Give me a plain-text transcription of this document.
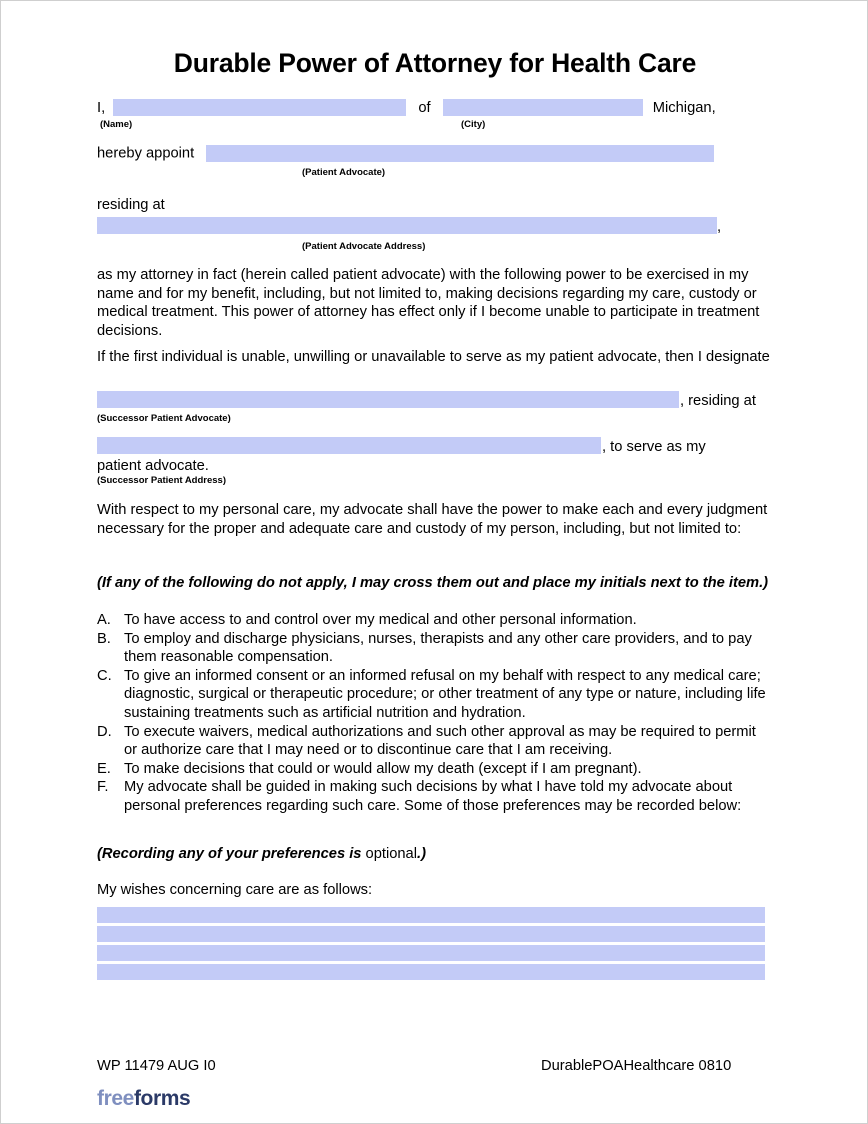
Durable Power of Attorney for Health Care
I,	of	Michigan,
(Name)	(City)
hereby appoint
(Patient Advocate)
residing at
,
(Patient Advocate Address)
as my attorney in fact (herein called patient advocate) with the following power to be exercised in my name and for my benefit, including, but not limited to, making decisions regarding my care, custody or medical treatment. This power of attorney has effect only if I become unable to participate in treatment decisions.
If the first individual is unable, unwilling or unavailable to serve as my patient advocate, then I designate
, residing at
(Successor Patient Advocate)
, to serve as my
patient advocate.
(Successor Patient Address)
With respect to my personal care, my advocate shall have the power to make each and every judgment necessary for the proper and adequate care and custody of my person, including, but not limited to:
(If any of the following do not apply, I may cross them out and place my initials next to the item.)
A. To have access to and control over my medical and other personal information.
B. To employ and discharge physicians, nurses, therapists and any other care providers, and to pay them reasonable compensation.
C. To give an informed consent or an informed refusal on my behalf with respect to any medical care; diagnostic, surgical or therapeutic procedure; or other treatment of any type or nature, including life sustaining treatments such as artificial nutrition and hydration.
D. To execute waivers, medical authorizations and such other approval as may be required to permit or authorize care that I may need or to discontinue care that I am receiving.
E. To make decisions that could or would allow my death (except if I am pregnant).
F.	My advocate shall be guided in making such decisions by what I have told my advocate about personal preferences regarding such care. Some of those preferences may be recorded below:
(Recording any of your preferences is optional.)
My wishes concerning care are as follows:
WP 11479 AUG I0	DurablePOAHealthcare 0810
freeforms
